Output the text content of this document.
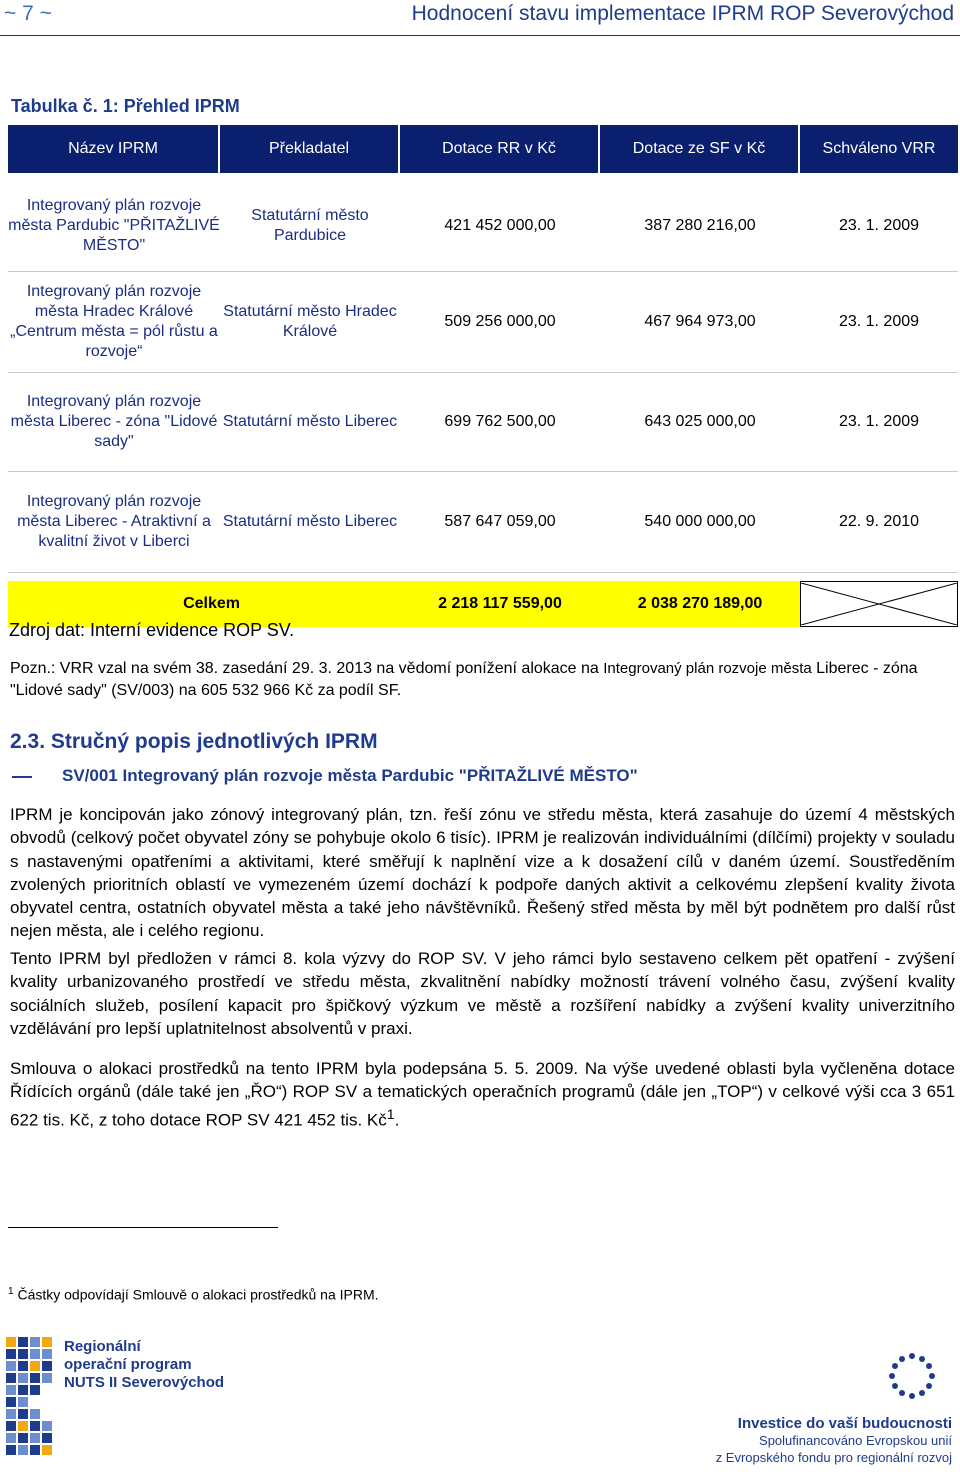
~ 7 ~	Hodnocení stavu implementace IPRM ROP Severovýchod
Tabulka č. 1: Přehled IPRM
Název IPRM	Překladatel	Dotace RR v Kč	Dotace ze SF v Kč	Schváleno VRR

Integrovaný plán rozvoje města Pardubic "PŘITAŽLIVÉ MĚSTO"	Statutární město Pardubice	421 452 000,00	387 280 216,00	23. 1. 2009
Integrovaný plán rozvoje města Hradec Králové „Centrum města = pól růstu a rozvoje“	Statutární město Hradec Králové	509 256 000,00	467 964 973,00	23. 1. 2009
Integrovaný plán rozvoje města Liberec - zóna "Lidové sady"	Statutární město Liberec	699 762 500,00	643 025 000,00	23. 1. 2009
Integrovaný plán rozvoje města Liberec - Atraktivní a kvalitní život v Liberci	Statutární město Liberec	587 647 059,00	540 000 000,00	22. 9. 2010

Celkem		2 218 117 559,00	2 038 270 189,00	
Zdroj dat: Interní evidence ROP SV.
Pozn.: VRR vzal na svém 38. zasedání 29. 3. 2013 na vědomí ponížení alokace na Integrovaný plán rozvoje města Liberec - zóna "Lidové sady" (SV/003) na 605 532 966 Kč za podíl SF.
2.3. Stručný popis jednotlivých IPRM
SV/001 Integrovaný plán rozvoje města Pardubic "PŘITAŽLIVÉ MĚSTO"
IPRM je koncipován jako zónový integrovaný plán, tzn. řeší zónu ve středu města, která zasahuje do území 4 městských obvodů (celkový počet obyvatel zóny se pohybuje okolo 6 tisíc). IPRM je realizován individuálními (dílčími) projekty v souladu s nastavenými opatřeními a aktivitami, které směřují k naplnění vize a k dosažení cílů v daném území. Soustředěním zvolených prioritních oblastí ve vymezeném území dochází k podpoře daných aktivit a celkovému zlepšení kvality života obyvatel centra, ostatních obyvatel města a také jeho návštěvníků. Řešený střed města by měl být podnětem pro další růst nejen města, ale i celého regionu.
Tento IPRM byl předložen v rámci 8. kola výzvy do ROP SV. V jeho rámci bylo sestaveno celkem pět opatření - zvýšení kvality urbanizovaného prostředí ve středu města, zkvalitnění nabídky možností trávení volného času, zvýšení kvality sociálních služeb, posílení kapacit pro špičkový výzkum ve městě a rozšíření nabídky a zvýšení kvality univerzitního vzdělávání pro lepší uplatnitelnost absolventů v praxi.
Smlouva o alokaci prostředků na tento IPRM byla podepsána 5. 5. 2009. Na výše uvedené oblasti byla vyčleněna dotace Řídících orgánů (dále také jen „ŘO“) ROP SV a tematických operačních programů (dále jen „TOP“) v celkové výši cca 3 651 622 tis. Kč, z toho dotace ROP SV 421 452 tis. $Kč^1$.
$^1$ Částky odpovídají Smlouvě o alokaci prostředků na IPRM.
Regionální
operační program
NUTS II Severovýchod
Investice do vaší budoucnosti
Spolufinancováno Evropskou unií
z Evropského fondu pro regionální rozvoj
